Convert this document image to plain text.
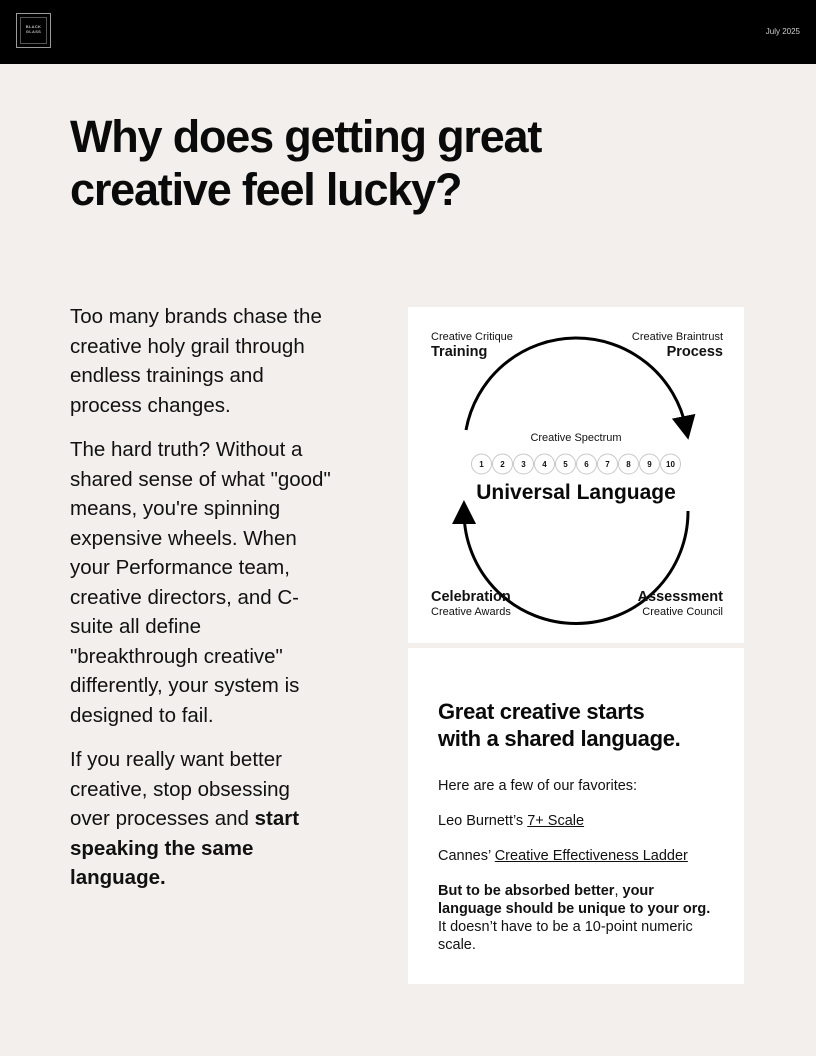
BLACK
GLASS	July 2025
Why does getting great
creative feel lucky?

Too many brands chase the creative holy grail through endless trainings and process changes.

The hard truth? Without a shared sense of what "good" means, you're spinning expensive wheels. When your Performance team, creative directors, and C-suite all define "breakthrough creative" differently, your system is designed to fail.

If you really want better creative, stop obsessing over processes and start speaking the same language.

Creative Critique
Training
Creative Braintrust
Process
Celebration
Creative Awards
Assessment
Creative Council
Creative Spectrum
1 2 3 4 5 6 7 8 9 10
Universal Language
Great creative starts
with a shared language.

Here are a few of our favorites:

Leo Burnett’s 7+ Scale

Cannes’ Creative Effectiveness Ladder

But to be absorbed better, your language should be unique to your org. It doesn’t have to be a 10-point numeric scale.
